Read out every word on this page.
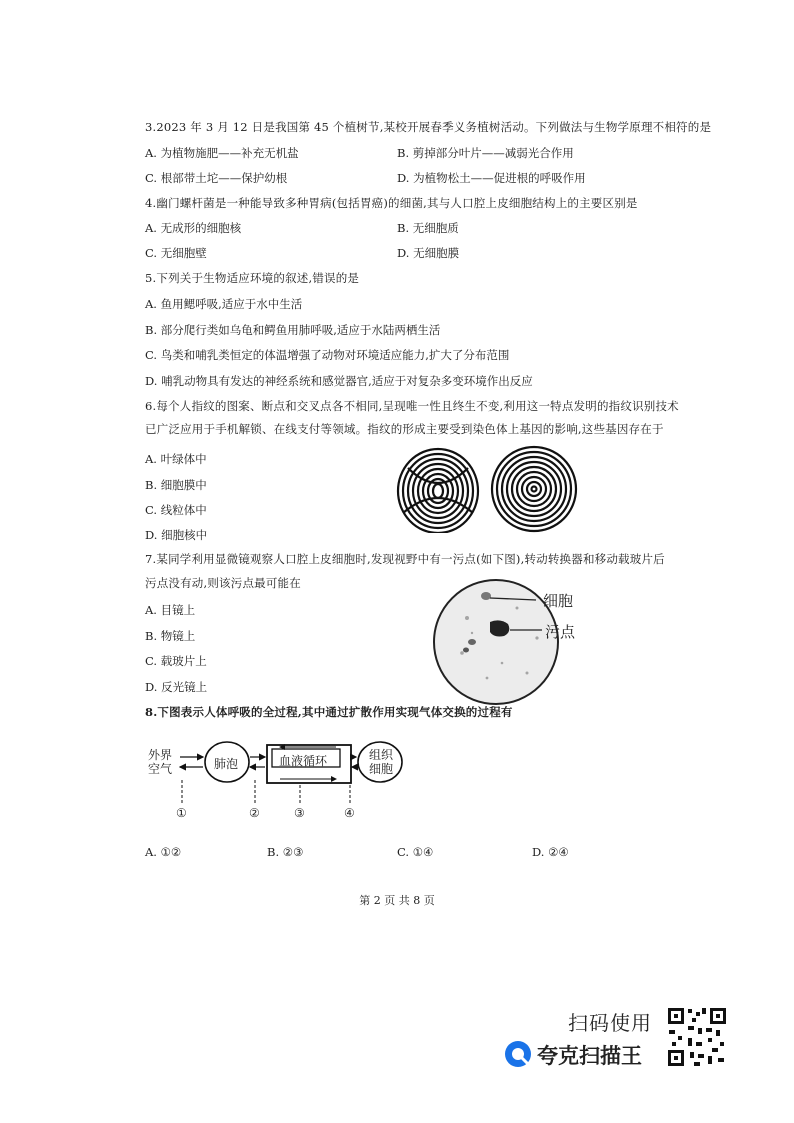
3.2023 年 3 月 12 日是我国第 45 个植树节,某校开展春季义务植树活动。下列做法与生物学原理不相符的是
A. 为植物施肥——补充无机盐	B. 剪掉部分叶片——减弱光合作用
C. 根部带土坨——保护幼根	D. 为植物松土——促进根的呼吸作用
4.幽门螺杆菌是一种能导致多种胃病(包括胃癌)的细菌,其与人口腔上皮细胞结构上的主要区别是
A. 无成形的细胞核	B. 无细胞质
C. 无细胞壁	D. 无细胞膜
5.下列关于生物适应环境的叙述,错误的是
A. 鱼用鳃呼吸,适应于水中生活
B. 部分爬行类如乌龟和鳄鱼用肺呼吸,适应于水陆两栖生活
C. 鸟类和哺乳类恒定的体温增强了动物对环境适应能力,扩大了分布范围
D. 哺乳动物具有发达的神经系统和感觉器官,适应于对复杂多变环境作出反应
6.每个人指纹的图案、断点和交叉点各不相同,呈现唯一性且终生不变,利用这一特点发明的指纹识别技术
已广泛应用于手机解锁、在线支付等领域。指纹的形成主要受到染色体上基因的影响,这些基因存在于
A. 叶绿体中
B. 细胞膜中
C. 线粒体中
D. 细胞核中
7.某同学利用显微镜观察人口腔上皮细胞时,发现视野中有一污点(如下图),转动转换器和移动载玻片后
污点没有动,则该污点最可能在
A. 目镜上
B. 物镜上
C. 载玻片上
D. 反光镜上
细胞
污点
8.下图表示人体呼吸的全过程,其中通过扩散作用实现气体交换的过程有
外界
空气	肺泡	血液循环	组织
细胞
①	②	③	④
A. ①②	B. ②③	C. ①④	D. ②④
第 2 页 共 8 页
扫码使用
夸克扫描王
